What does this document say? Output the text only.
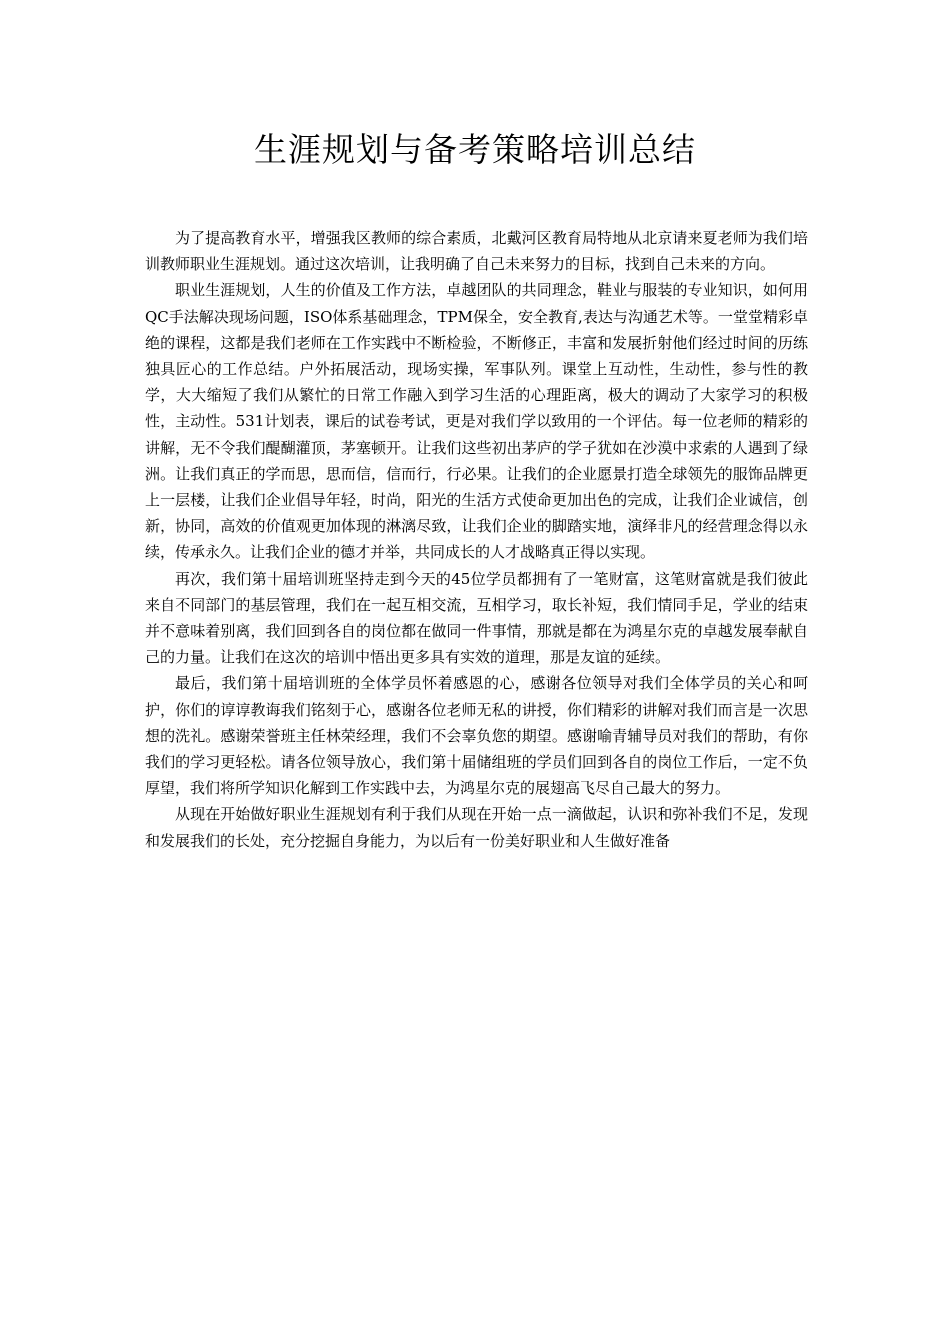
生涯规划与备考策略培训总结

为了提高教育水平，增强我区教师的综合素质，北戴河区教育局特地从北京请来夏老师为我们培训教师职业生涯规划。通过这次培训，让我明确了自己未来努力的目标，找到自己未来的方向。

职业生涯规划，人生的价值及工作方法，卓越团队的共同理念，鞋业与服装的专业知识，如何用QC手法解决现场问题，ISO体系基础理念，TPM保全，安全教育,表达与沟通艺术等。一堂堂精彩卓绝的课程，这都是我们老师在工作实践中不断检验，不断修正，丰富和发展折射他们经过时间的历练独具匠心的工作总结。户外拓展活动，现场实操，军事队列。课堂上互动性，生动性，参与性的教学，大大缩短了我们从繁忙的日常工作融入到学习生活的心理距离，极大的调动了大家学习的积极性，主动性。531计划表，课后的试卷考试，更是对我们学以致用的一个评估。每一位老师的精彩的讲解，无不令我们醍醐灌顶，茅塞顿开。让我们这些初出茅庐的学子犹如在沙漠中求索的人遇到了绿洲。让我们真正的学而思，思而信，信而行，行必果。让我们的企业愿景打造全球领先的服饰品牌更上一层楼，让我们企业倡导年轻，时尚，阳光的生活方式使命更加出色的完成，让我们企业诚信，创新，协同，高效的价值观更加体现的淋漓尽致，让我们企业的脚踏实地，演绎非凡的经营理念得以永续，传承永久。让我们企业的德才并举，共同成长的人才战略真正得以实现。

再次，我们第十届培训班坚持走到今天的45位学员都拥有了一笔财富，这笔财富就是我们彼此来自不同部门的基层管理，我们在一起互相交流，互相学习，取长补短，我们情同手足，学业的结束并不意味着别离，我们回到各自的岗位都在做同一件事情，那就是都在为鸿星尔克的卓越发展奉献自己的力量。让我们在这次的培训中悟出更多具有实效的道理，那是友谊的延续。

最后，我们第十届培训班的全体学员怀着感恩的心，感谢各位领导对我们全体学员的关心和呵护，你们的谆谆教诲我们铭刻于心，感谢各位老师无私的讲授，你们精彩的讲解对我们而言是一次思想的洗礼。感谢荣誉班主任林荣经理，我们不会辜负您的期望。感谢喻青辅导员对我们的帮助，有你我们的学习更轻松。请各位领导放心，我们第十届储组班的学员们回到各自的岗位工作后，一定不负厚望，我们将所学知识化解到工作实践中去，为鸿星尔克的展翅高飞尽自己最大的努力。

从现在开始做好职业生涯规划有利于我们从现在开始一点一滴做起，认识和弥补我们不足，发现和发展我们的长处，充分挖掘自身能力，为以后有一份美好职业和人生做好准备
